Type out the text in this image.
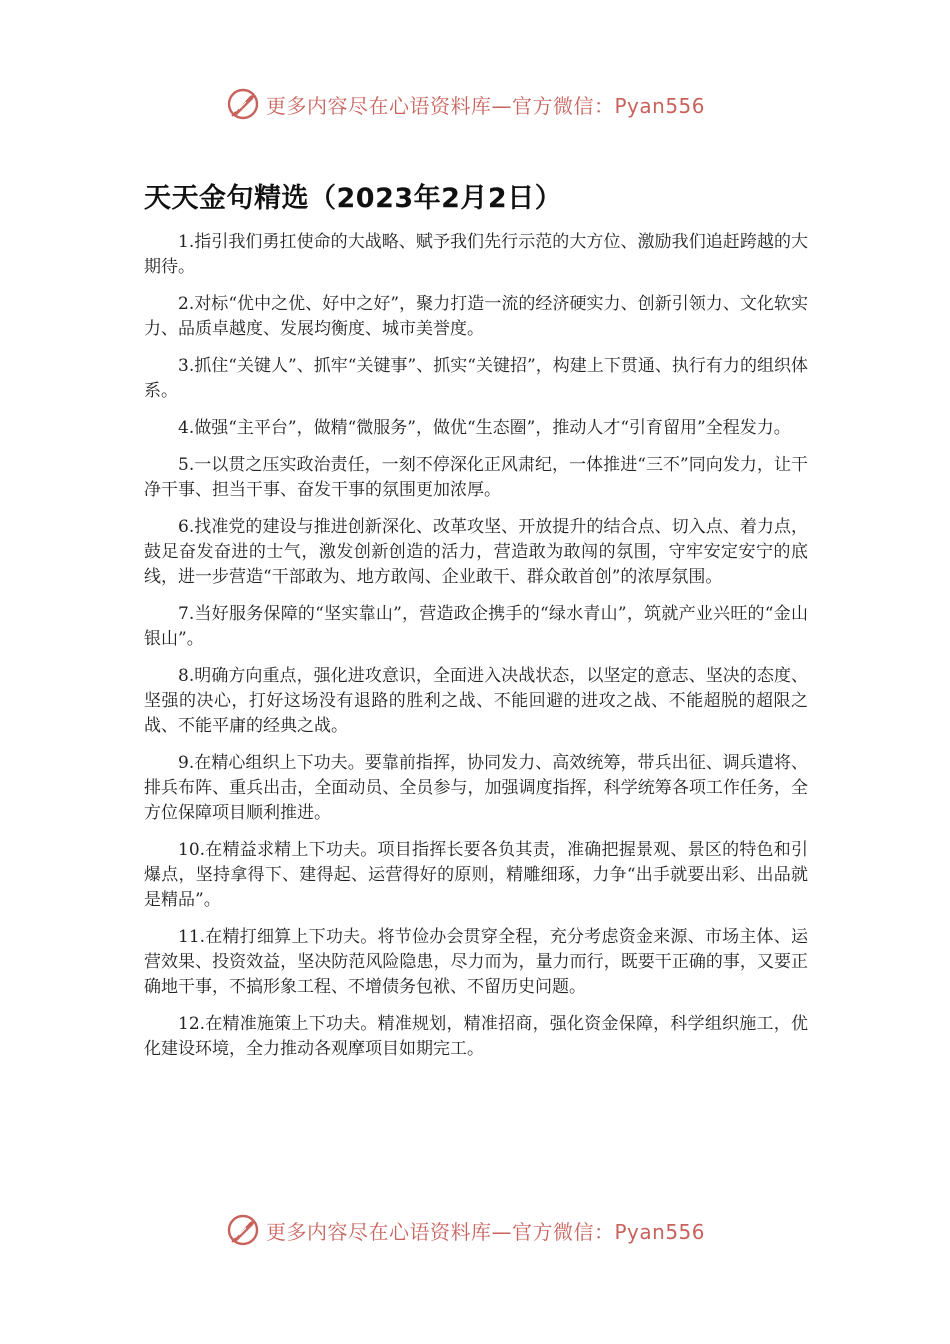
更多内容尽在心语资料库—官方微信：Pyan556
天天金句精选（2023年2月2日）

1.指引我们勇扛使命的大战略、赋予我们先行示范的大方位、激励我们追赶跨越的大期待。

2.对标“优中之优、好中之好”，聚力打造一流的经济硬实力、创新引领力、文化软实力、品质卓越度、发展均衡度、城市美誉度。

3.抓住“关键人”、抓牢“关键事”、抓实“关键招”，构建上下贯通、执行有力的组织体系。

4.做强“主平台”，做精“微服务”，做优“生态圈”，推动人才“引育留用”全程发力。

5.一以贯之压实政治责任，一刻不停深化正风肃纪，一体推进“三不”同向发力，让干净干事、担当干事、奋发干事的氛围更加浓厚。

6.找准党的建设与推进创新深化、改革攻坚、开放提升的结合点、切入点、着力点，鼓足奋发奋进的士气，激发创新创造的活力，营造敢为敢闯的氛围，守牢安定安宁的底线，进一步营造“干部敢为、地方敢闯、企业敢干、群众敢首创”的浓厚氛围。

7.当好服务保障的“坚实靠山”，营造政企携手的“绿水青山”，筑就产业兴旺的“金山银山”。

8.明确方向重点，强化进攻意识，全面进入决战状态，以坚定的意志、坚决的态度、坚强的决心，打好这场没有退路的胜利之战、不能回避的进攻之战、不能超脱的超限之战、不能平庸的经典之战。

9.在精心组织上下功夫。要靠前指挥，协同发力、高效统筹，带兵出征、调兵遣将、排兵布阵、重兵出击，全面动员、全员参与，加强调度指挥，科学统筹各项工作任务，全方位保障项目顺利推进。

10.在精益求精上下功夫。项目指挥长要各负其责，准确把握景观、景区的特色和引爆点，坚持拿得下、建得起、运营得好的原则，精雕细琢，力争“出手就要出彩、出品就是精品”。

11.在精打细算上下功夫。将节俭办会贯穿全程，充分考虑资金来源、市场主体、运营效果、投资效益，坚决防范风险隐患，尽力而为，量力而行，既要干正确的事，又要正确地干事，不搞形象工程、不增债务包袱、不留历史问题。

12.在精准施策上下功夫。精准规划，精准招商，强化资金保障，科学组织施工，优化建设环境，全力推动各观摩项目如期完工。

更多内容尽在心语资料库—官方微信：Pyan556
